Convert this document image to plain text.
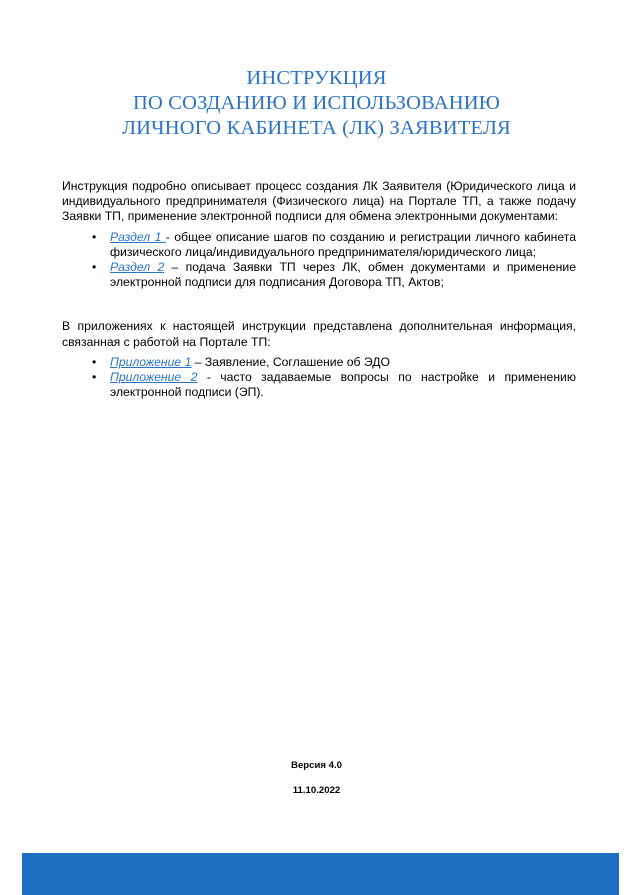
ИНСТРУКЦИЯ
ПО СОЗДАНИЮ И ИСПОЛЬЗОВАНИЮ
ЛИЧНОГО КАБИНЕТА (ЛК) ЗАЯВИТЕЛЯ

Инструкция подробно описывает процесс создания ЛК Заявителя (Юридического лица и индивидуального предпринимателя (Физического лица) на Портале ТП, а также подачу Заявки ТП, применение электронной подписи для обмена электронными документами:

• Раздел 1 - общее описание шагов по созданию и регистрации личного кабинета физического лица/индивидуального предпринимателя/юридического лица;
• Раздел 2 – подача Заявки ТП через ЛК, обмен документами и применение электронной подписи для подписания Договора ТП, Актов;

В приложениях к настоящей инструкции представлена дополнительная информация, связанная с работой на Портале ТП:

• Приложение 1 – Заявление, Соглашение об ЭДО
• Приложение 2 - часто задаваемые вопросы по настройке и применению электронной подписи (ЭП).
Версия 4.0
11.10.2022
